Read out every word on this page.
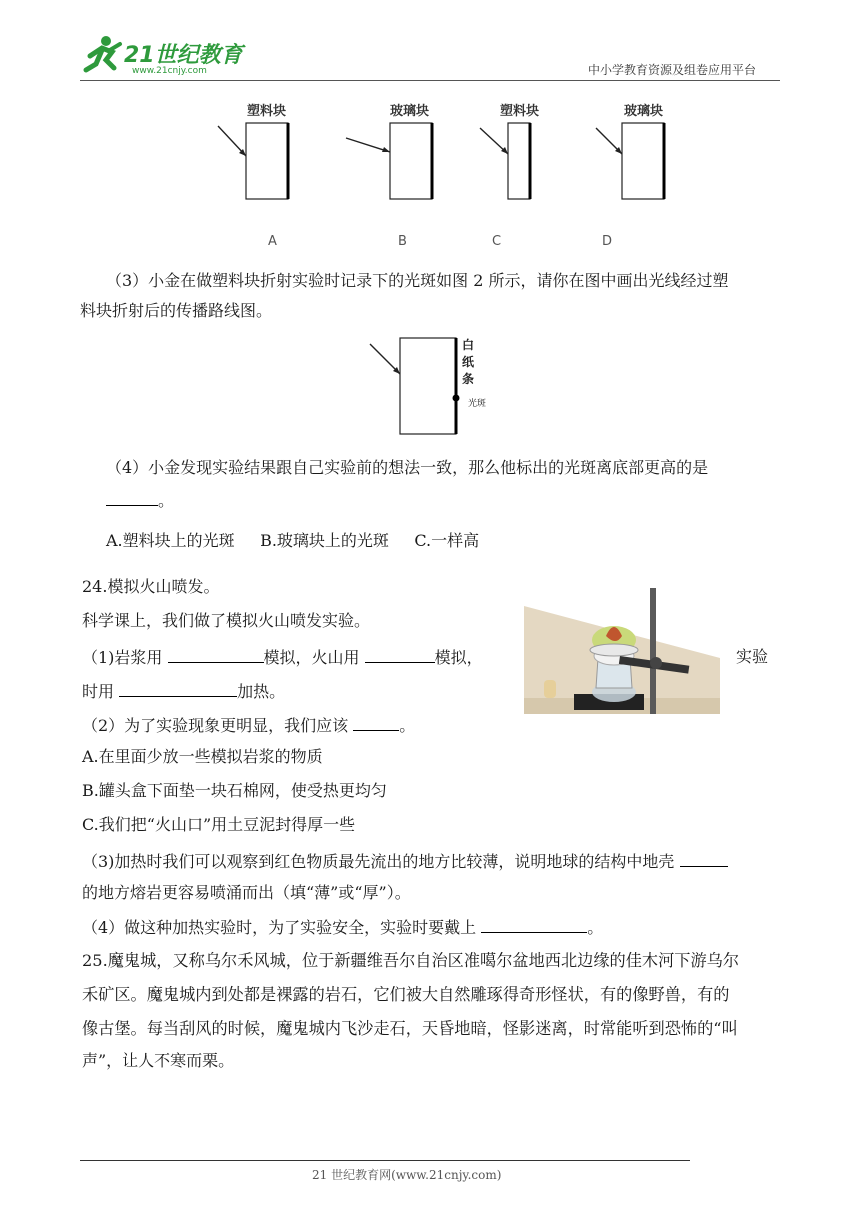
21世纪教育
www.21cnjy.com	中小学教育资源及组卷应用平台
塑料块
A
玻璃块
B
塑料块
C
玻璃块
D
（3）小金在做塑料块折射实验时记录下的光斑如图 2 所示，请你在图中画出光线经过塑
料块折射后的传播路线图。
白
纸
条
光斑
（4）小金发现实验结果跟自己实验前的想法一致，那么他标出的光斑离底部更高的是
。
A.塑料块上的光斑     B.玻璃块上的光斑     C.一样高
24.模拟火山喷发。
科学课上，我们做了模拟火山喷发实验。
（1)岩浆用	模拟，火山用	模拟，	实验
时用	加热。
（2）为了实验现象更明显，我们应该	。
A.在里面少放一些模拟岩浆的物质
B.罐头盒下面垫一块石棉网，使受热更均匀
C.我们把“火山口”用土豆泥封得厚一些
（3)加热时我们可以观察到红色物质最先流出的地方比较薄，说明地球的结构中地壳
的地方熔岩更容易喷涌而出（填“薄”或“厚”）。
（4）做这种加热实验时，为了实验安全，实验时要戴上	。
25.魔鬼城，又称乌尔禾风城，位于新疆维吾尔自治区准噶尔盆地西北边缘的佳木河下游乌尔
禾矿区。魔鬼城内到处都是裸露的岩石，它们被大自然雕琢得奇形怪状，有的像野兽，有的
像古堡。每当刮风的时候，魔鬼城内飞沙走石，天昏地暗，怪影迷离，时常能听到恐怖的“叫
声”，让人不寒而栗。
21 世纪教育网(www.21cnjy.com)
